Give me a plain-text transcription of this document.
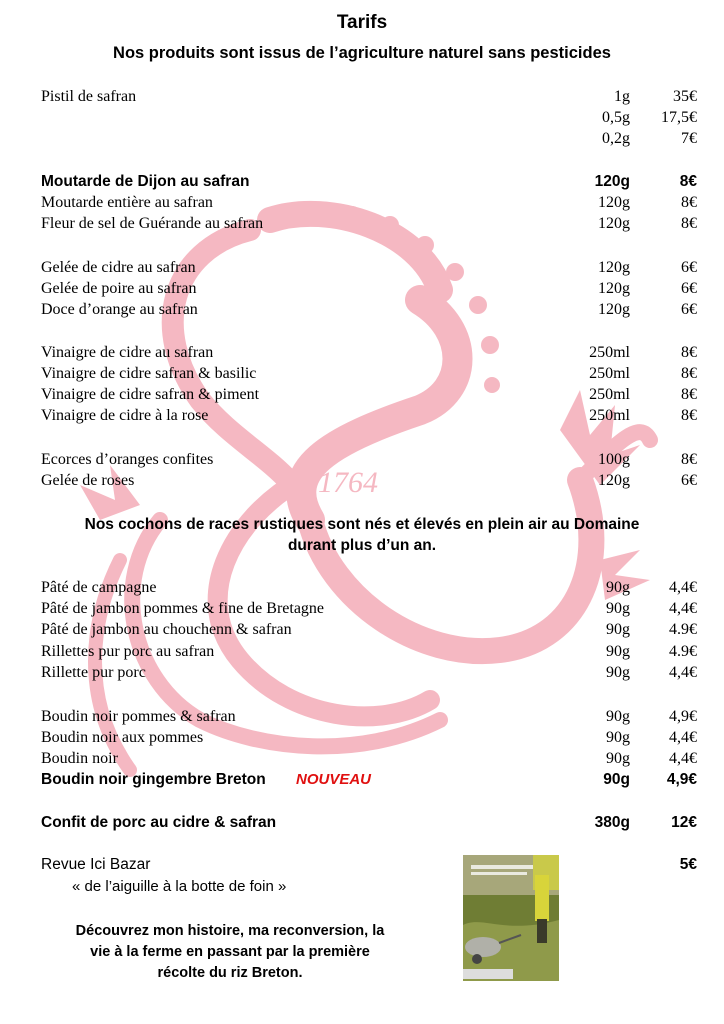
1764
Tarifs
Nos produits sont issus de l’agriculture naturel sans pesticides
Pistil de safran	1g	35€
0,5g 17,5€
0,2g	7€
Moutarde de Dijon au safran	120g	8€
Moutarde entière au safran	120g	8€
Fleur de sel de Guérande au safran	120g	8€
Gelée de cidre au safran	120g	6€
Gelée de poire au safran	120g	6€
Doce d’orange au safran	120g	6€
Vinaigre de cidre au safran	250ml	8€
Vinaigre de cidre safran & basilic	250ml	8€
Vinaigre de cidre safran & piment	250ml	8€
Vinaigre de cidre à la rose	250ml	8€
Ecorces d’oranges confites	100g	8€
Gelée de roses	120g	6€
Nos cochons de races rustiques sont nés et élevés en plein air au Domaine
durant plus d’un an.
Pâté de campagne	90g 4,4€
Pâté de jambon pommes & fine de Bretagne	90g 4,4€
Pâté de jambon au chouchenn & safran	90g 4.9€
Rillettes pur porc au safran	90g 4.9€
Rillette pur porc	90g 4,4€
Boudin noir pommes & safran	90g 4,9€
Boudin noir aux pommes	90g 4,4€
Boudin noir	90g 4,4€
Boudin noir gingembre Breton NOUVEAU	90g 4,9€
Confit de porc au cidre & safran	380g	12€
Revue Ici Bazar
« de l’aiguille à la botte de foin »
5€
Découvrez mon histoire, ma reconversion, la
vie à la ferme en passant par la première
récolte du riz Breton.
